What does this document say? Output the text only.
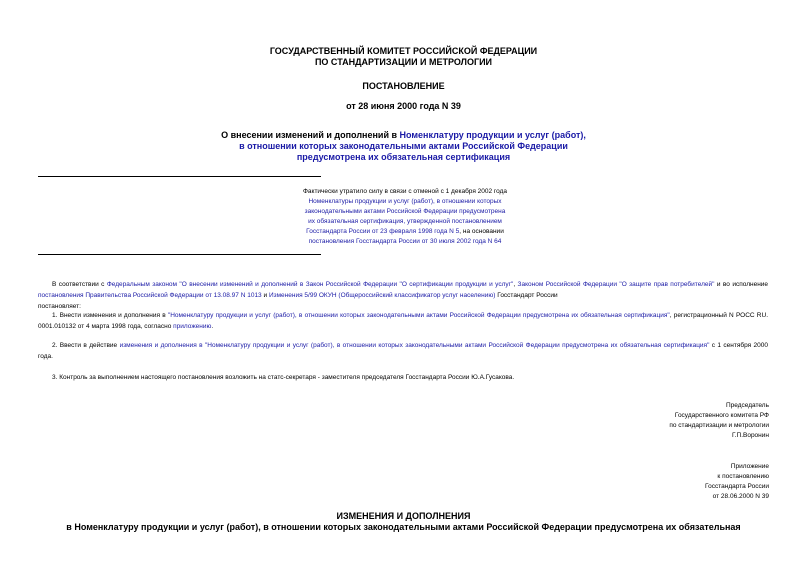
ГОСУДАРСТВЕННЫЙ КОМИТЕТ РОССИЙСКОЙ ФЕДЕРАЦИИ
ПО СТАНДАРТИЗАЦИИ И МЕТРОЛОГИИ
ПОСТАНОВЛЕНИЕ
от 28 июня 2000 года N 39
О внесении изменений и дополнений в Номенклатуру продукции и услуг (работ),
в отношении которых законодательными актами Российской Федерации
предусмотрена их обязательная сертификация
Фактически утратило силу в связи с отменой с 1 декабря 2002 года
Номенклатуры продукции и услуг (работ), в отношении которых
законодательными актами Российской Федерации предусмотрена
их обязательная сертификация, утвержденной постановлением
Госстандарта России от 23 февраля 1998 года N 5, на основании
постановления Госстандарта России от 30 июля 2002 года N 64
В соответствии с Федеральным законом "О внесении изменений и дополнений в Закон Российской Федерации "О сертификации продукции и услуг", Законом Российской Федерации "О защите прав потребителей" и во исполнение постановления Правительства Российской Федерации от 13.08.97 N 1013 и Изменения 5/99 ОКУН (Общероссийский классификатор услуг населению) Госстандарт России
постановляет:
1. Внести изменения и дополнения в "Номенклатуру продукции и услуг (работ), в отношении которых законодательными актами Российской Федерации предусмотрена их обязательная сертификация", регистрационный N РОСС RU. 0001.010132 от 4 марта 1998 года, согласно приложению.
2. Ввести в действие изменения и дополнения в "Номенклатуру продукции и услуг (работ), в отношении которых законодательными актами Российской Федерации предусмотрена их обязательная сертификация" с 1 сентября 2000 года.
3. Контроль за выполнением настоящего постановления возложить на статс-секретаря - заместителя председателя Госстандарта России Ю.А.Гусакова.
Председатель
Государственного комитета РФ
по стандартизации и метрологии
Г.П.Воронин
Приложение
к постановлению
Госстандарта России
от 28.06.2000 N 39
ИЗМЕНЕНИЯ И ДОПОЛНЕНИЯ
в Номенклатуру продукции и услуг (работ), в отношении которых законодательными актами Российской Федерации предусмотрена их обязательная
